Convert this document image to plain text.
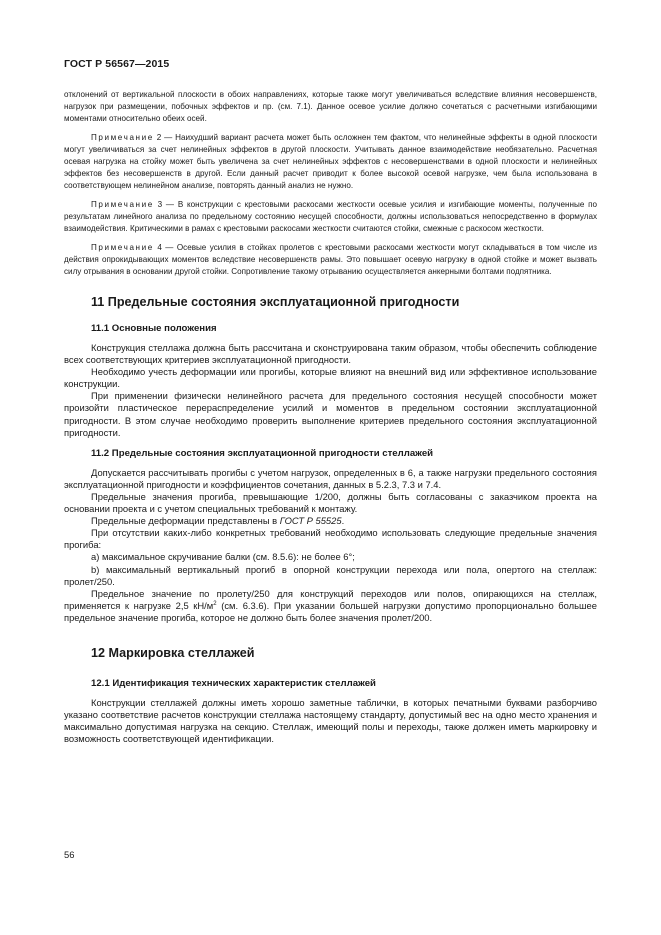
ГОСТ Р 56567—2015

отклонений от вертикальной плоскости в обоих направлениях, которые также могут увеличиваться вследствие влияния несовершенств, нагрузок при размещении, побочных эффектов и пр. (см. 7.1). Данное осевое усилие должно сочетаться с расчетными изгибающими моментами относительно обеих осей.

Примечание 2 — Наихудший вариант расчета может быть осложнен тем фактом, что нелинейные эффекты в одной плоскости могут увеличиваться за счет нелинейных эффектов в другой плоскости. Учитывать данное взаимодействие необязательно. Расчетная осевая нагрузка на стойку может быть увеличена за счет нелинейных эффектов с несовершенствами в одной плоскости и нелинейных эффектов без несовершенств в другой. Если данный расчет приводит к более высокой осевой нагрузке, чем была использована в соответствующем нелинейном анализе, повторять данный анализ не нужно.

Примечание 3 — В конструкции с крестовыми раскосами жесткости осевые усилия и изгибающие моменты, полученные по результатам линейного анализа по предельному состоянию несущей способности, должны использоваться непосредственно в формулах взаимодействия. Критическими в рамах с крестовыми раскосами жесткости считаются стойки, смежные с раскосом жесткости.

Примечание 4 — Осевые усилия в стойках пролетов с крестовыми раскосами жесткости могут складываться в том числе из действия опрокидывающих моментов вследствие несовершенств рамы. Это повышает осевую нагрузку в одной стойке и может вызвать силу отрывания в основании другой стойки. Сопротивление такому отрыванию осуществляется анкерными болтами подпятника.

11 Предельные состояния эксплуатационной пригодности
11.1 Основные положения

Конструкция стеллажа должна быть рассчитана и сконструирована таким образом, чтобы обеспечить соблюдение всех соответствующих критериев эксплуатационной пригодности.

Необходимо учесть деформации или прогибы, которые влияют на внешний вид или эффективное использование конструкции.

При применении физически нелинейного расчета для предельного состояния несущей способности может произойти пластическое перераспределение усилий и моментов в предельном состоянии эксплуатационной пригодности. В этом случае необходимо проверить выполнение критериев предельного состояния эксплуатационной пригодности.

11.2 Предельные состояния эксплуатационной пригодности стеллажей

Допускается рассчитывать прогибы с учетом нагрузок, определенных в 6, а также нагрузки предельного состояния эксплуатационной пригодности и коэффициентов сочетания, данных в 5.2.3, 7.3 и 7.4.

Предельные значения прогиба, превышающие 1/200, должны быть согласованы с заказчиком проекта на основании проекта и с учетом специальных требований к монтажу.

Предельные деформации представлены в ГОСТ Р 55525.

При отсутствии каких-либо конкретных требований необходимо использовать следующие предельные значения прогиба:

a) максимальное скручивание балки (см. 8.5.6): не более 6°;

b) максимальный вертикальный прогиб в опорной конструкции перехода или пола, опертого на стеллаж: пролет/250.

Предельное значение по пролету/250 для конструкций переходов или полов, опирающихся на стеллаж, применяется к нагрузке 2,5 $кН/м^2$ (см. 6.3.6). При указании большей нагрузки допустимо пропорционально большее предельное значение прогиба, которое не должно быть более значения пролет/200.

12 Маркировка стеллажей
12.1 Идентификация технических характеристик стеллажей

Конструкции стеллажей должны иметь хорошо заметные таблички, в которых печатными буквами разборчиво указано соответствие расчетов конструкции стеллажа настоящему стандарту, допустимый вес на одно место хранения и максимально допустимая нагрузка на секцию. Стеллаж, имеющий полы и переходы, также должен иметь маркировку и возможность соответствующей идентификации.

56
